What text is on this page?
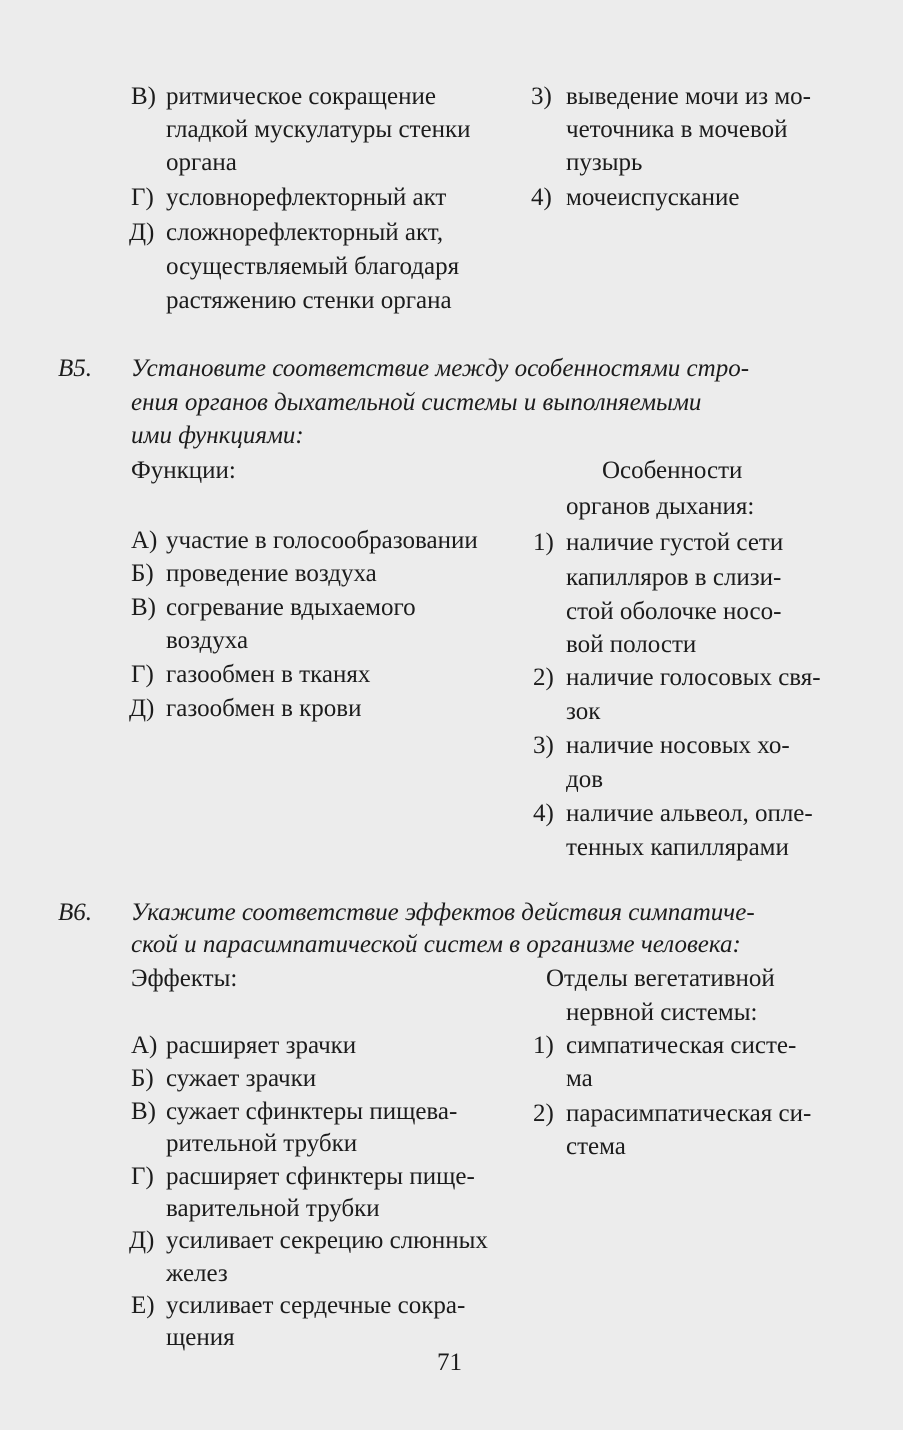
В) ритмическое сокращение
гладкой мускулатуры стенки
органа
Г) условнорефлекторный акт
Д) сложнорефлекторный акт,
осуществляемый благодаря
растяжению стенки органа
3) выведение мочи из мо-
четочника в мочевой
пузырь
4) мочеиспускание
В5. Установите соответствие между особенностями стро-
ения органов дыхательной системы и выполняемыми
ими функциями:
Функции:	Особенности
органов дыхания:
А) участие в голосообразовании
Б) проведение воздуха
В) согревание вдыхаемого
воздуха
Г) газообмен в тканях
Д) газообмен в крови
1) наличие густой сети
капилляров в слизи-
стой оболочке носо-
вой полости
2) наличие голосовых свя-
зок
3) наличие носовых хо-
дов
4) наличие альвеол, опле-
тенных капиллярами
В6. Укажите соответствие эффектов действия симпатиче-
ской и парасимпатической систем в организме человека:
Эффекты:	Отделы вегетативной
нервной системы:
А) расширяет зрачки
Б) сужает зрачки
В) сужает сфинктеры пищева-
рительной трубки
Г) расширяет сфинктеры пище-
варительной трубки
Д) усиливает секрецию слюнных
желез
Е) усиливает сердечные сокра-
щения
1) симпатическая систе-
ма
2) парасимпатическая си-
стема
71
